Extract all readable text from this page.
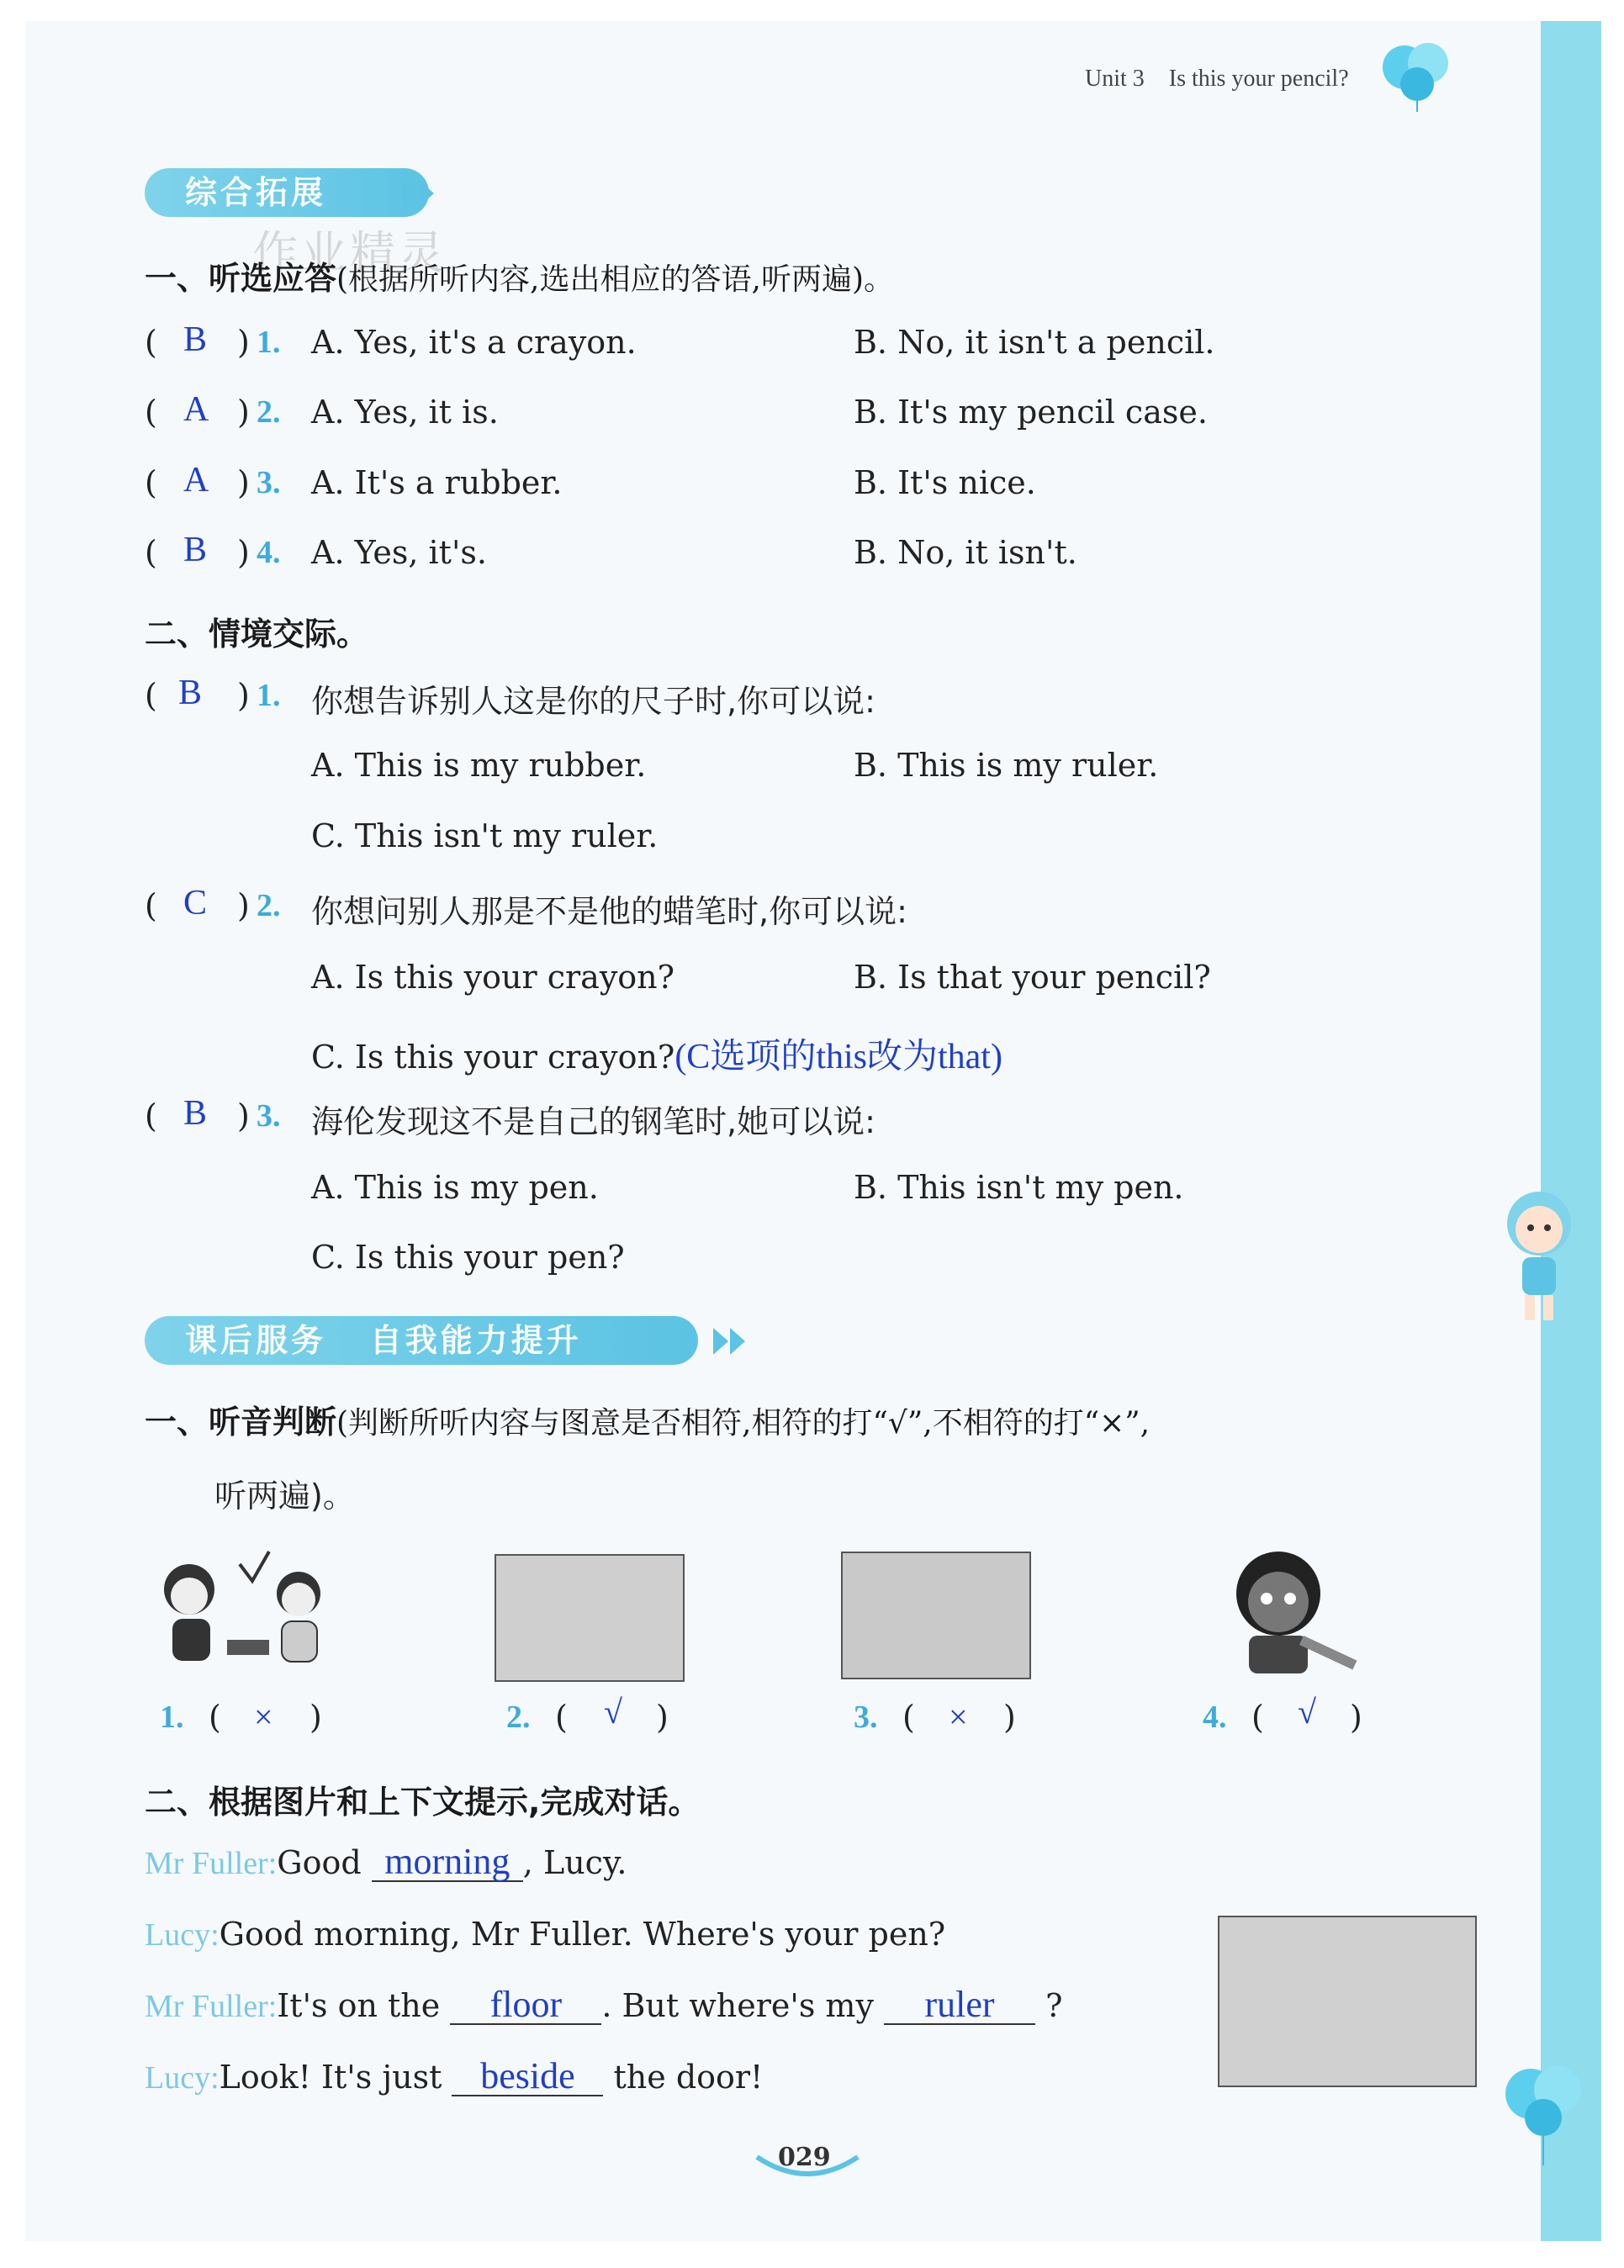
Unit 3 Is this your pencil?
综合拓展
作业精灵
一、听选应答(根据所听内容,选出相应的答语,听两遍)。
( B ) 1. A. Yes, it's a crayon.	B. No, it isn't a pencil.
( A ) 2. A. Yes, it is.	B. It's my pencil case.
( A ) 3. A. It's a rubber.	B. It's nice.
( B ) 4. A. Yes, it's.	B. No, it isn't.
二、情境交际。
( B ) 1. 你想告诉别人这是你的尺子时,你可以说:
A. This is my rubber.	B. This is my ruler.
C. This isn't my ruler.
( C ) 2. 你想问别人那是不是他的蜡笔时,你可以说:
A. Is this your crayon?	B. Is that your pencil?
C. Is this your crayon?(C选项的this改为that)
( B ) 3. 海伦发现这不是自己的钢笔时,她可以说:
A. This is my pen.	B. This isn't my pen.
C. Is this your pen?
课后服务   自我能力提升
一、听音判断(判断所听内容与图意是否相符,相符的打“√”,不相符的打“×”,
听两遍)。
1. ( × )	2. ( √ )	3. ( × )	4. ( √ )
二、根据图片和上下文提示,完成对话。
Mr Fuller:Good morning , Lucy.
Lucy:Good morning, Mr Fuller. Where's your pen?
Mr Fuller:It's on the floor . But where's my ruler ?
Lucy:Look! It's just beside the door!
029
